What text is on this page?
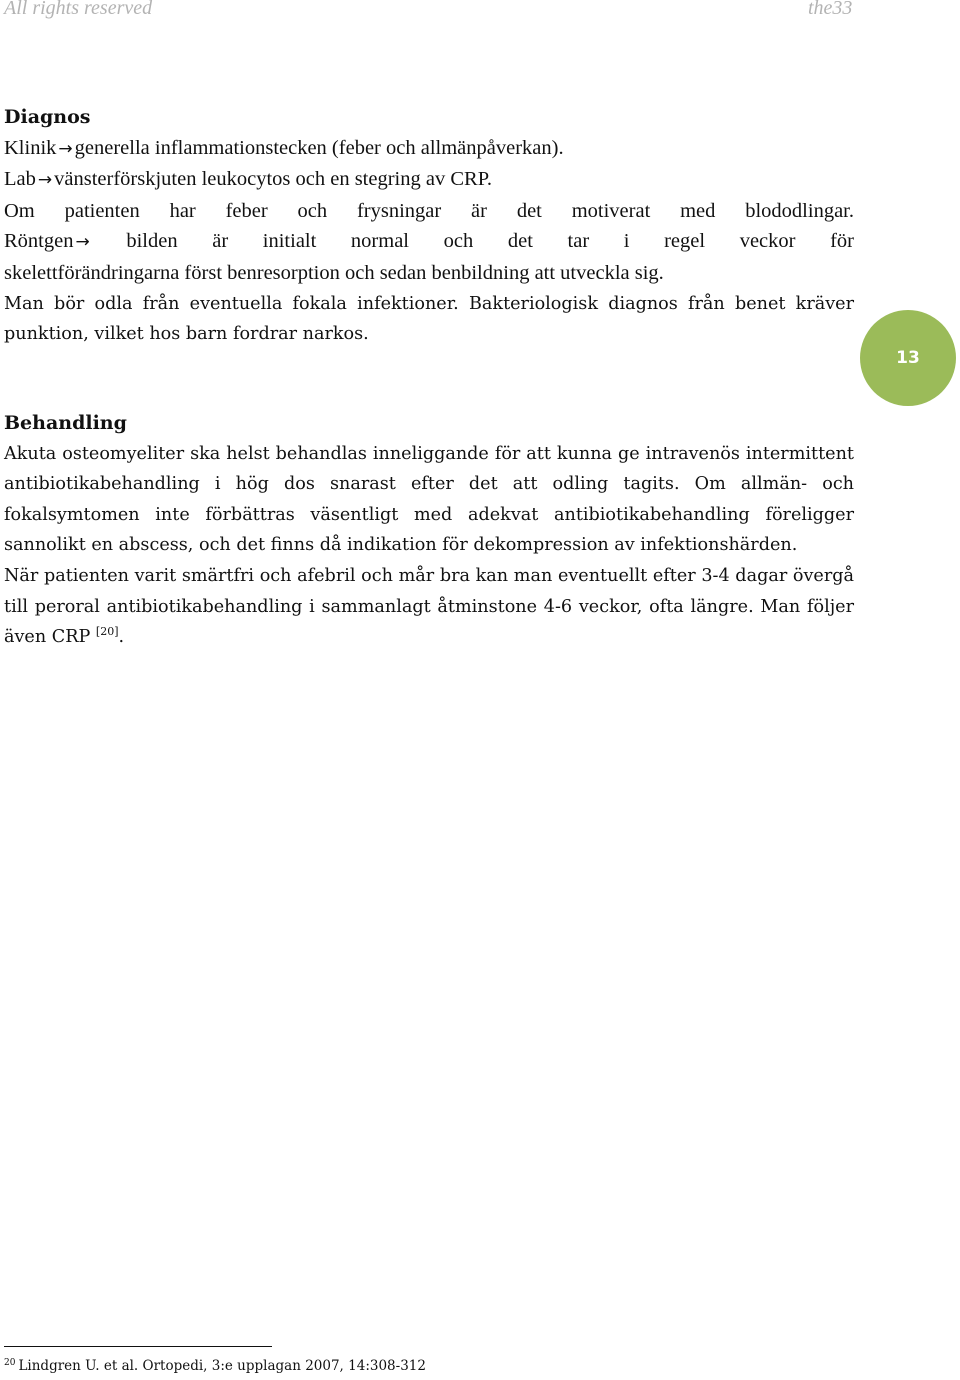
All rights reserved	the33

Diagnos

Klinik →generella inflammationstecken (feber och allmänpåverkan).

Lab →vänsterförskjuten leukocytos och en stegring av CRP.

Om patienten har feber och frysningar är det motiverat med blododlingar.

Röntgen → bilden är initialt normal och det tar i regel veckor för

skelettförändringarna först benresorption och sedan benbildning att utveckla sig.

Man bör odla från eventuella fokala infektioner. Bakteriologisk diagnos från benet kräver punktion, vilket hos barn fordrar narkos.

13

Behandling

Akuta osteomyeliter ska helst behandlas inneliggande för att kunna ge intravenös intermittent antibiotikabehandling i hög dos snarast efter det att odling tagits. Om allmän- och fokalsymtomen inte förbättras väsentligt med adekvat antibiotikabehandling föreligger sannolikt en abscess, och det finns då indikation för dekompression av infektionshärden.

När patienten varit smärtfri och afebril och mår bra kan man eventuellt efter 3-4 dagar övergå till peroral antibiotikabehandling i sammanlagt åtminstone 4-6 veckor, ofta längre. Man följer även CRP [20].

$^{20}$ Lindgren U. et al. Ortopedi, 3:e upplagan 2007, 14:308-312
